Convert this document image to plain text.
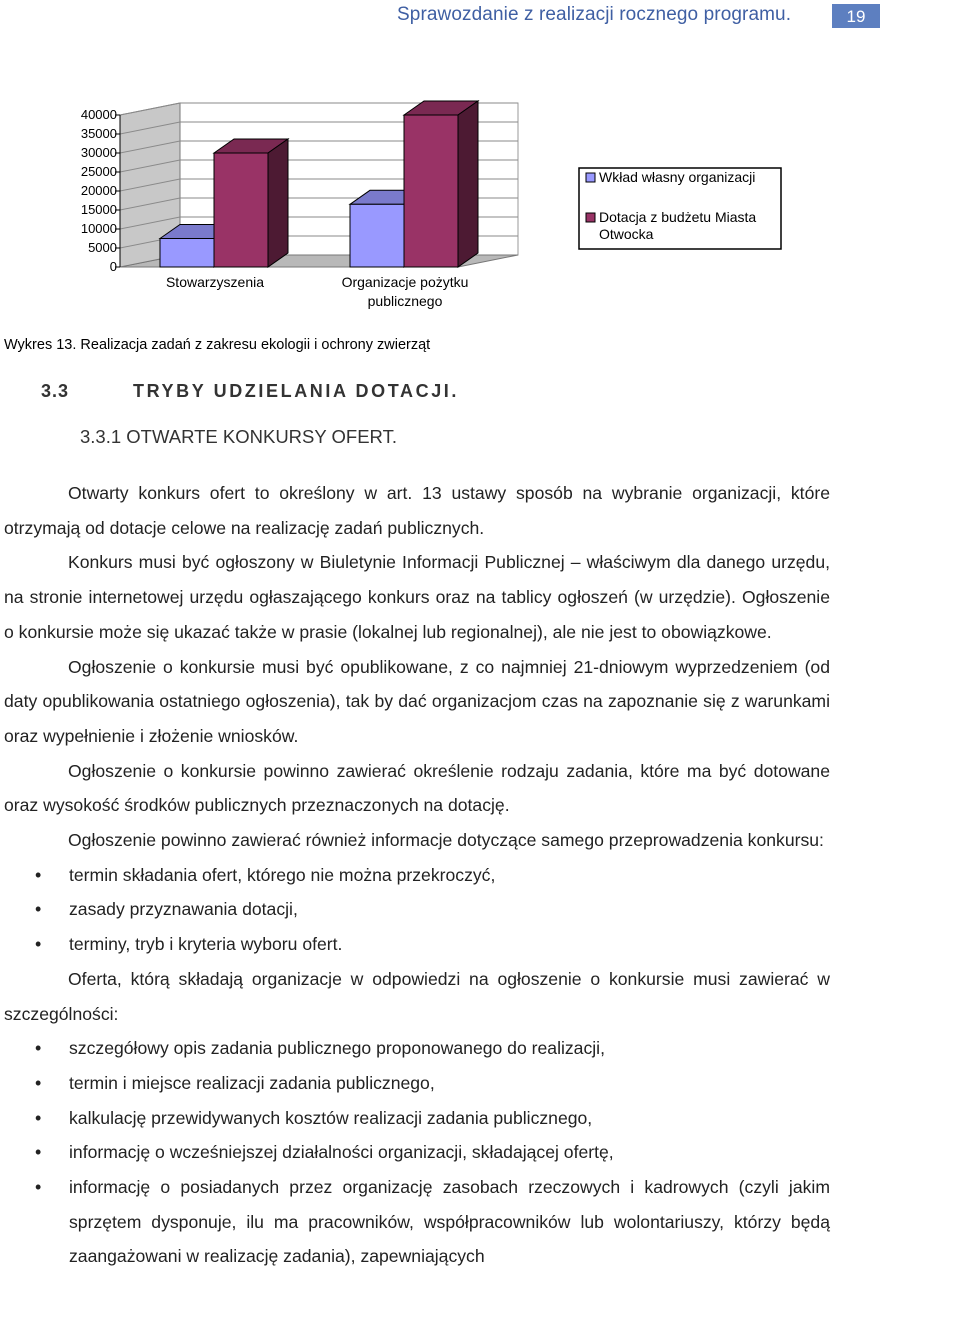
Sprawozdanie z realizacji rocznego programu.	19
0
5000
10000
15000
20000
25000
30000
35000
40000
Stowarzyszenia	Organizacje pożytku
publicznego
Wkład własny organizacji
Dotacja z budżetu Miasta
Otwocka
Wykres 13. Realizacja zadań z zakresu ekologii i ochrony zwierząt
3.3	TRYBY UDZIELANIA DOTACJI.
3.3.1 OTWARTE KONKURSY OFERT.

Otwarty konkurs ofert to określony w art. 13 ustawy sposób na wybranie organizacji, które otrzymają od dotacje celowe na realizację zadań publicznych.

Konkurs musi być ogłoszony w Biuletynie Informacji Publicznej – właściwym dla danego urzędu, na stronie internetowej urzędu ogłaszającego konkurs oraz na tablicy ogłoszeń (w urzędzie). Ogłoszenie o konkursie może się ukazać także w prasie (lokalnej lub regionalnej), ale nie jest to obowiązkowe.

Ogłoszenie o konkursie musi być opublikowane, z co najmniej 21-dniowym wyprzedzeniem (od daty opublikowania ostatniego ogłoszenia), tak by dać organizacjom czas na zapoznanie się z warunkami oraz wypełnienie i złożenie wniosków.

Ogłoszenie o konkursie powinno zawierać określenie rodzaju zadania, które ma być dotowane oraz wysokość środków publicznych przeznaczonych na dotację.

Ogłoszenie powinno zawierać również informacje dotyczące samego przeprowadzenia konkursu:

• termin składania ofert, którego nie można przekroczyć,
• zasady przyznawania dotacji,
• terminy, tryb i kryteria wyboru ofert.

Oferta, którą składają organizacje w odpowiedzi na ogłoszenie o konkursie musi zawierać w szczególności:

• szczegółowy opis zadania publicznego proponowanego do realizacji,
• termin i miejsce realizacji zadania publicznego,
• kalkulację przewidywanych kosztów realizacji zadania publicznego,
• informację o wcześniejszej działalności organizacji, składającej ofertę,
• informację o posiadanych przez organizację zasobach rzeczowych i kadrowych (czyli jakim sprzętem dysponuje, ilu ma pracowników, współpracowników lub wolontariuszy, którzy będą zaangażowani w realizację zadania), zapewniających
